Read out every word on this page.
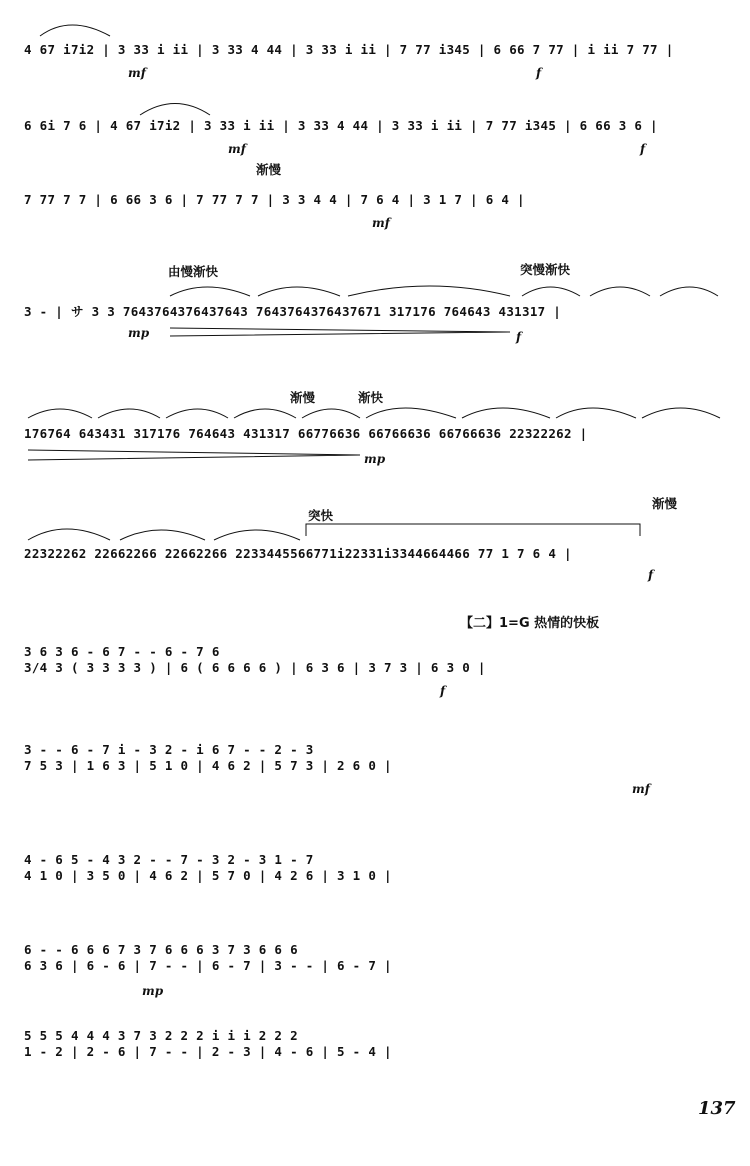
4 67 i7i2 | 3 33 i ii | 3 33 4 44 | 3 33 i ii | 7 77 i345 | 6 66 7 77 | i ii 7 77 |
mf	f
6 6i 7 6 | 4 67 i7i2 | 3 33 i ii | 3 33 4 44 | 3 33 i ii | 7 77 i345 | 6 66 3 6 |
mf	f
渐慢
7 77 7 7 | 6 66 3 6 | 7 77 7 7 | 3 3 4 4 | 7 6 4 | 3 1 7 | 6 4 |
mf
由慢渐快	突慢渐快
3 - | サ 3 3 7643764376437643 7643764376437671 317176 764643 431317 |
mp	f
渐慢	渐快
176764 643431 317176 764643 431317 66776636 66766636 66766636 22322262 |
mp
突快
渐慢
22322262 22662266 22662266 2233445566771i22331i3344664466 77 1 7 6 4 |
f
【二】1=G 热情的快板
3 6 3 6 - 6 7 - - 6 - 7 6
3/4 3 ( 3 3 3 3 ) | 6 ( 6 6 6 6 ) | 6 3 6 | 3 7 3 | 6 3 0 |
f
3 - - 6 - 7 i - 3 2 - i 6 7 - - 2 - 3
7 5 3 | 1 6 3 | 5 1 0 | 4 6 2 | 5 7 3 | 2 6 0 |
mf
4 - 6 5 - 4 3 2 - - 7 - 3 2 - 3 1 - 7
4 1 0 | 3 5 0 | 4 6 2 | 5 7 0 | 4 2 6 | 3 1 0 |
6 - - 6 6 6 7 3 7 6 6 6 3 7 3 6 6 6
6 3 6 | 6 - 6 | 7 - - | 6 - 7 | 3 - - | 6 - 7 |
mp
5 5 5 4 4 4 3 7 3 2 2 2 i i i 2 2 2
1 - 2 | 2 - 6 | 7 - - | 2 - 3 | 4 - 6 | 5 - 4 |
137
